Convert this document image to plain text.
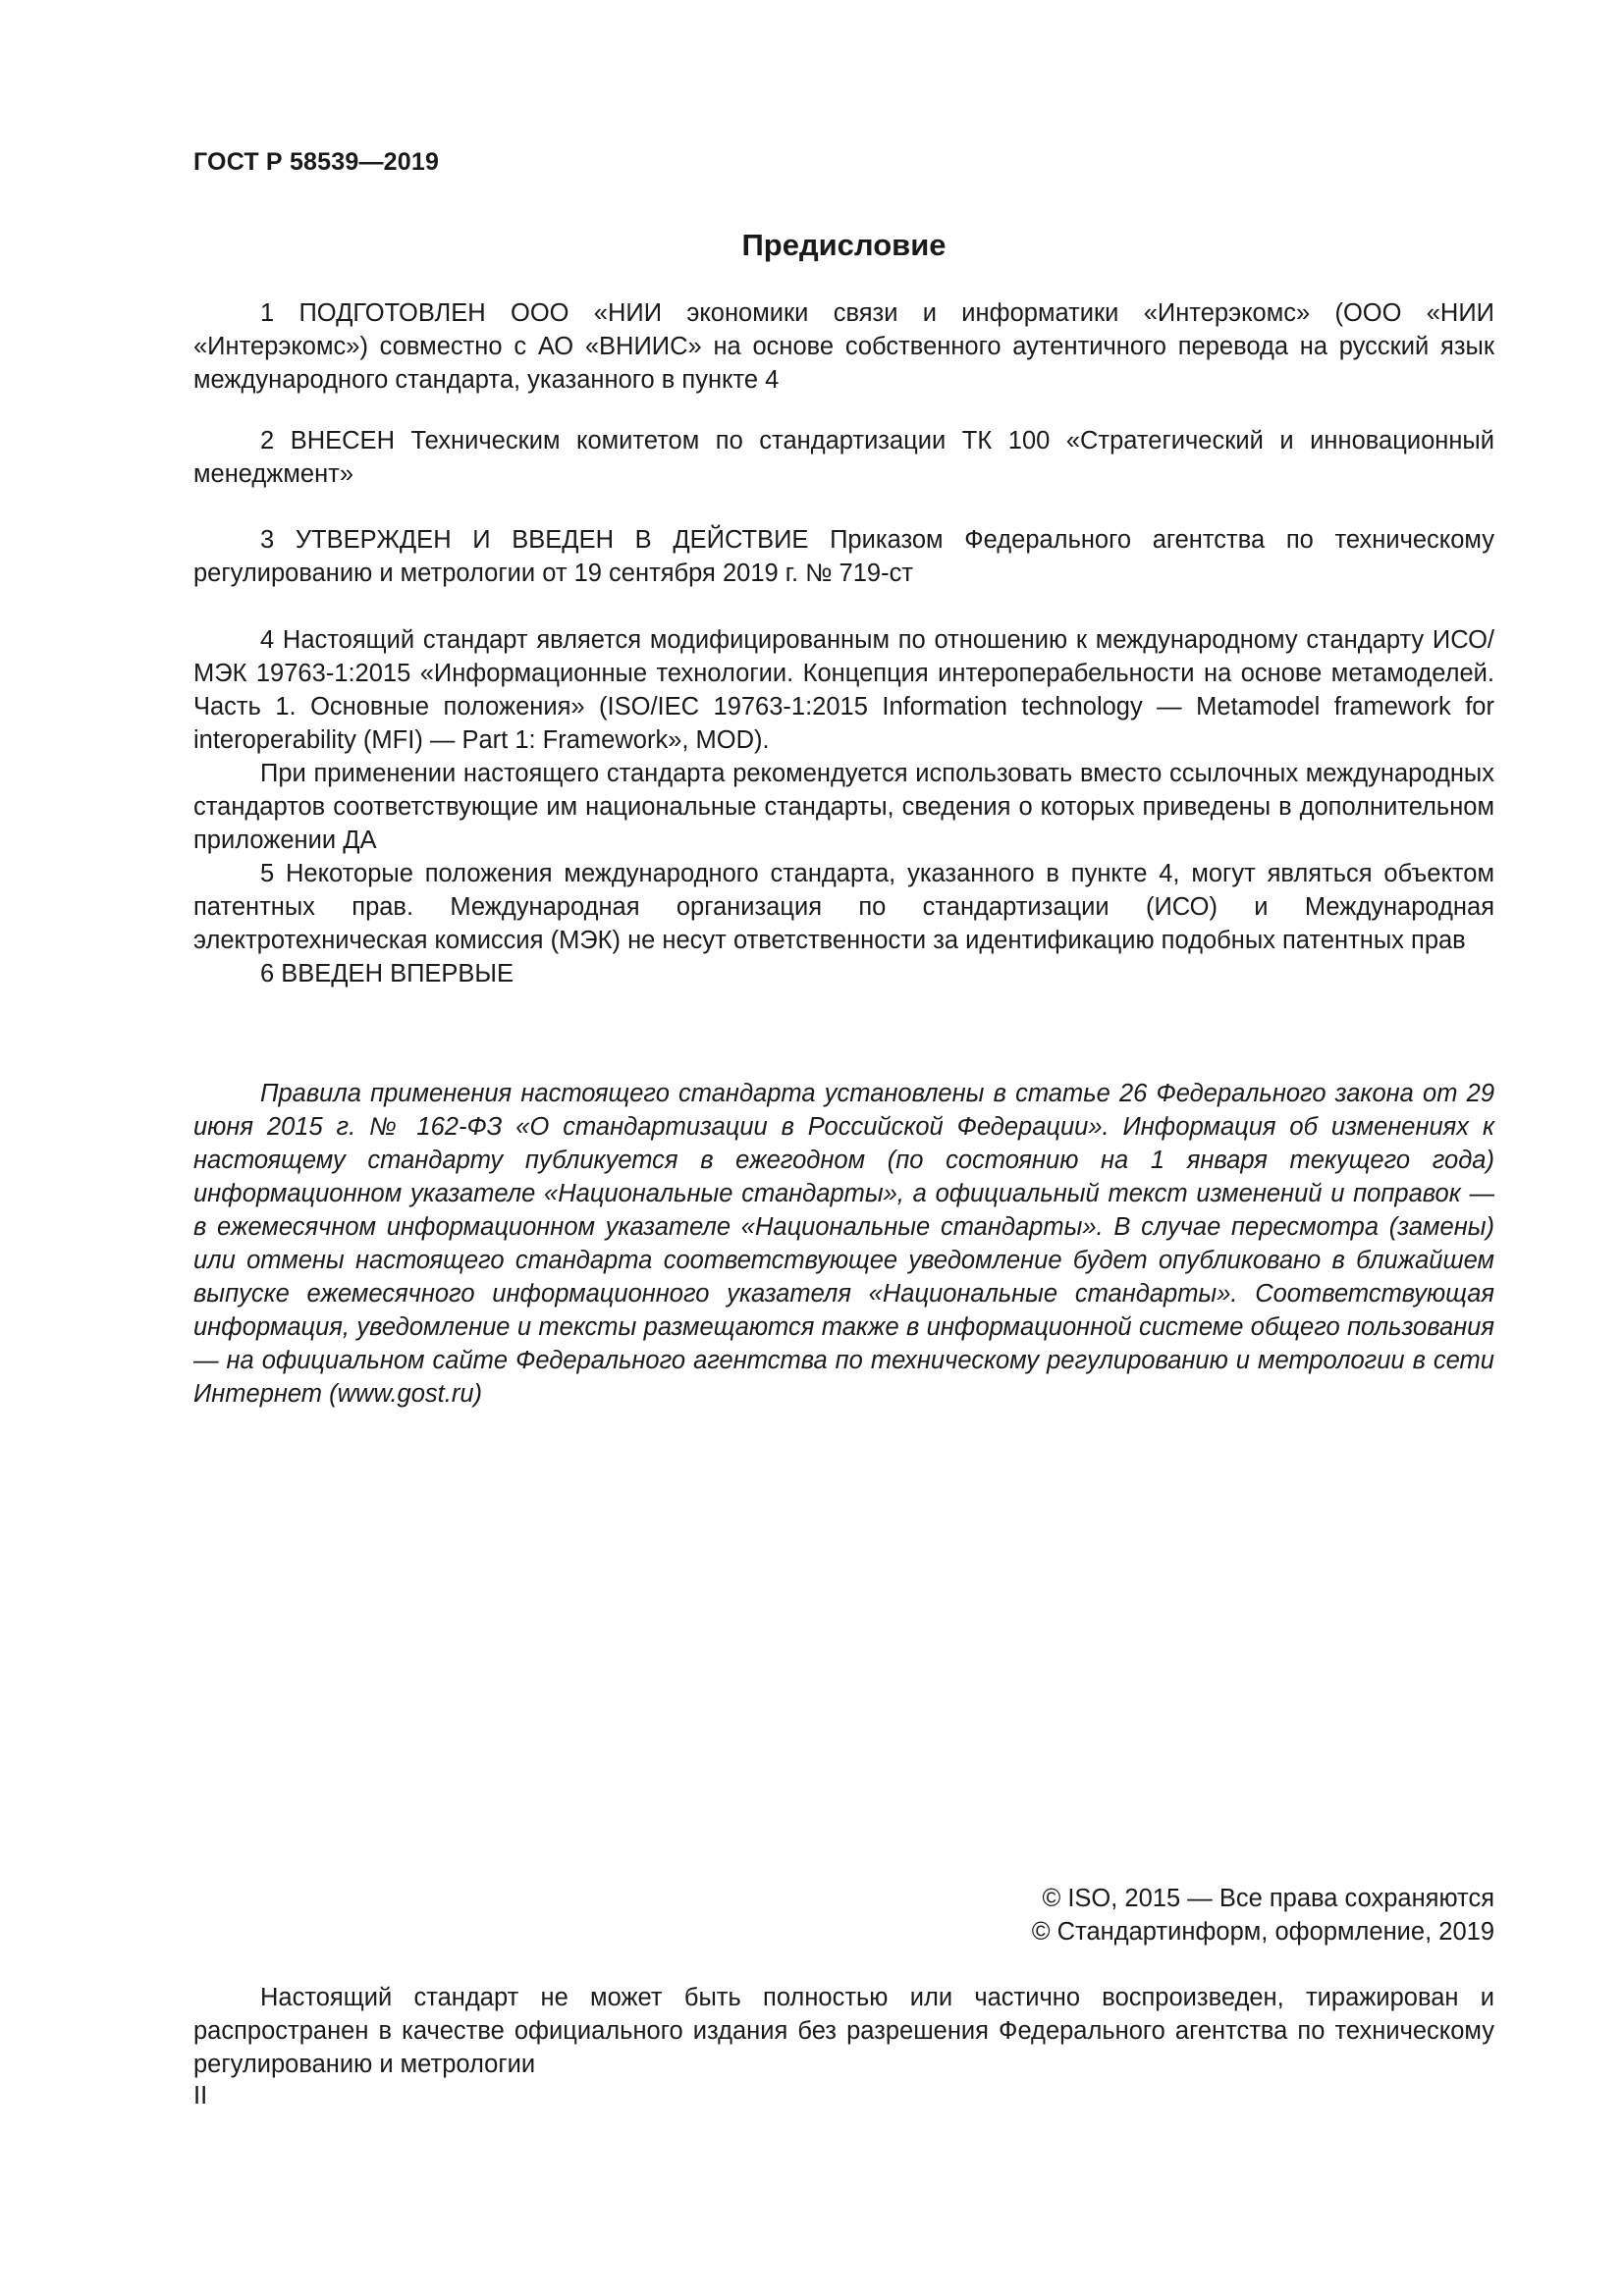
ГОСТ Р 58539—2019
Предисловие

1 ПОДГОТОВЛЕН ООО «НИИ экономики связи и информатики «Интерэкомс» (ООО «НИИ «Интерэкомс») совместно с АО «ВНИИС» на основе собственного аутентичного перевода на русский язык международного стандарта, указанного в пункте 4

2 ВНЕСЕН Техническим комитетом по стандартизации ТК 100 «Стратегический и инновационный менеджмент»

3 УТВЕРЖДЕН И ВВЕДЕН В ДЕЙСТВИЕ Приказом Федерального агентства по техническому регулированию и метрологии от 19 сентября 2019 г. № 719-ст

4 Настоящий стандарт является модифицированным по отношению к международному стандарту ИСО/МЭК 19763-1:2015 «Информационные технологии. Концепция интероперабельности на основе метамоделей. Часть 1. Основные положения» (ISO/IEC 19763-1:2015 Information technology — Metamodel framework for interoperability (MFI) — Part 1: Framework», MOD).

При применении настоящего стандарта рекомендуется использовать вместо ссылочных международных стандартов соответствующие им национальные стандарты, сведения о которых приведены в дополнительном приложении ДА

5 Некоторые положения международного стандарта, указанного в пункте 4, могут являться объектом патентных прав. Международная организация по стандартизации (ИСО) и Международная электротехническая комиссия (МЭК) не несут ответственности за идентификацию подобных патентных прав

6 ВВЕДЕН ВПЕРВЫЕ

Правила применения настоящего стандарта установлены в статье 26 Федерального закона от 29 июня 2015 г. № 162-ФЗ «О стандартизации в Российской Федерации». Информация об изменениях к настоящему стандарту публикуется в ежегодном (по состоянию на 1 января текущего года) информационном указателе «Национальные стандарты», а официальный текст изменений и поправок — в ежемесячном информационном указателе «Национальные стандарты». В случае пересмотра (замены) или отмены настоящего стандарта соответствующее уведомление будет опубликовано в ближайшем выпуске ежемесячного информационного указателя «Национальные стандарты». Соответствующая информация, уведомление и тексты размещаются также в информационной системе общего пользования — на официальном сайте Федерального агентства по техническому регулированию и метрологии в сети Интернет (www.gost.ru)

© ISO, 2015 — Все права сохраняются
© Стандартинформ, оформление, 2019

Настоящий стандарт не может быть полностью или частично воспроизведен, тиражирован и распространен в качестве официального издания без разрешения Федерального агентства по техническому регулированию и метрологии

II
